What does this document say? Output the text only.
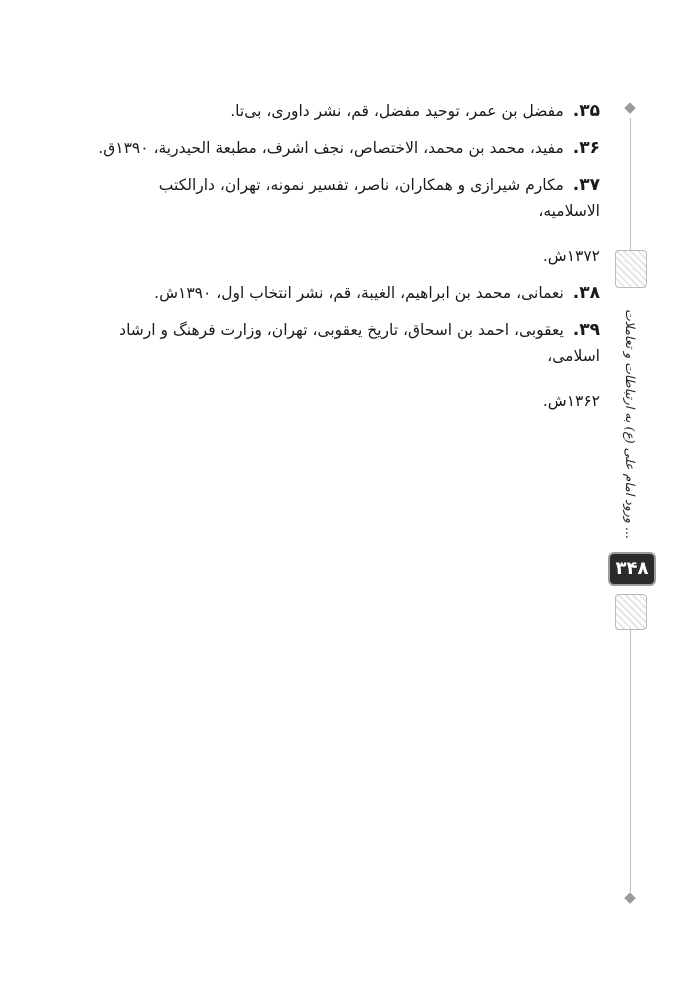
◆
ورود امام علی (ع) به ارتباطات و تعاملات ...
۳۴۸
◆
۳۵. مفضل بن عمر، توحید مفضل، قم، نشر داوری، بی‌تا.
۳۶. مفید، محمد بن محمد، الاختصاص، نجف اشرف، مطبعة الحیدریة، ۱۳۹۰ق.
۳۷. مکارم شیرازی و همکاران، ناصر، تفسیر نمونه، تهران، دارالکتب الاسلامیه،
۱۳۷۲ش.
۳۸. نعمانی، محمد بن ابراهیم، الغیبة، قم، نشر انتخاب اول، ۱۳۹۰ش.
۳۹. یعقوبی، احمد بن اسحاق، تاریخ یعقوبی، تهران، وزارت فرهنگ و ارشاد اسلامی،
۱۳۶۲ش.
